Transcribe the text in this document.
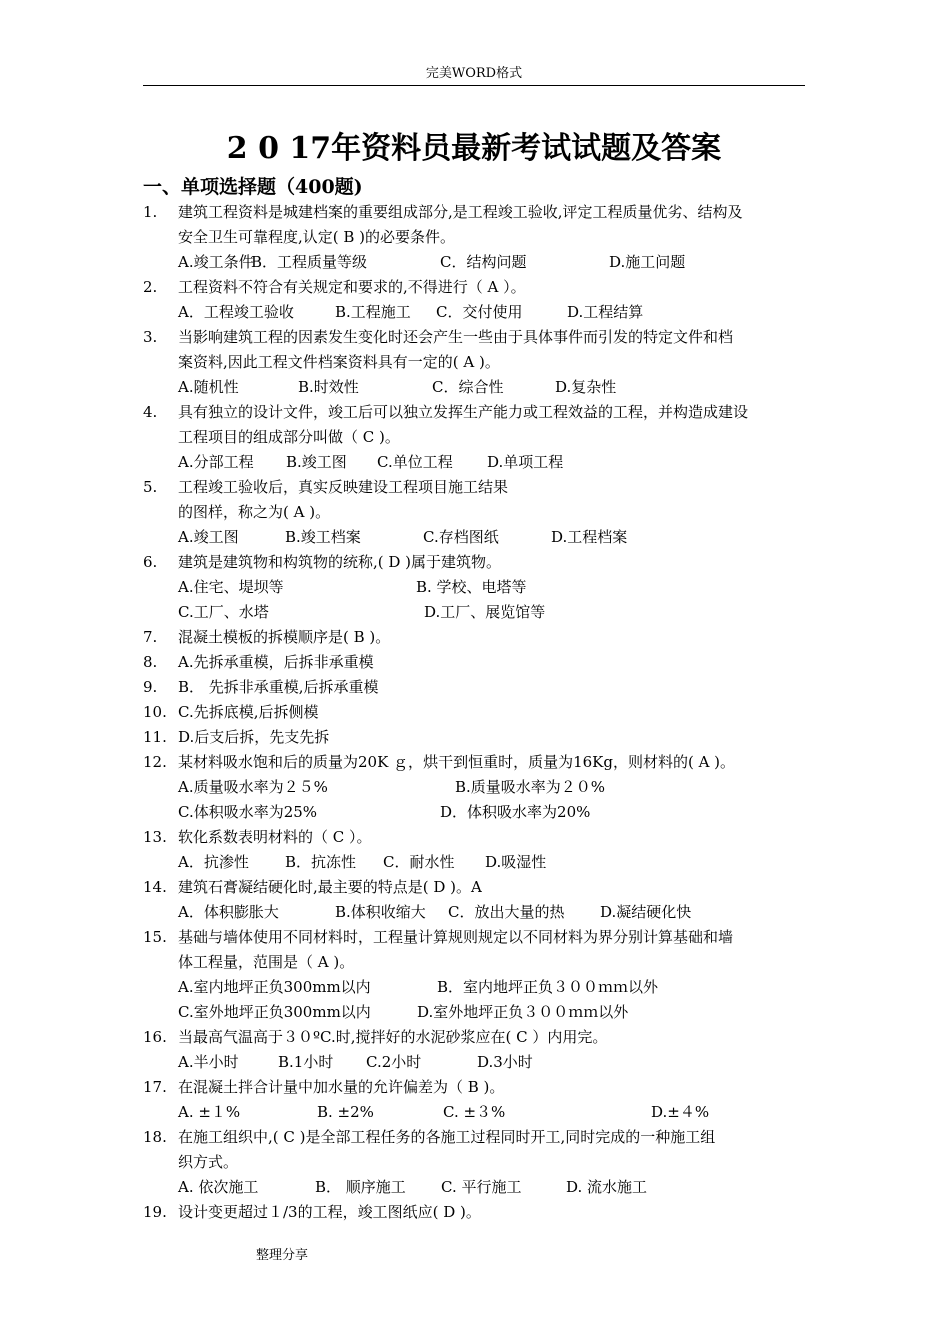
完美WORD格式
2 0 17年资料员最新考试试题及答案
一、单项选择题（400题)
1.	建筑工程资料是城建档案的重要组成部分,是工程竣工验收,评定工程质量优劣、结构及
安全卫生可靠程度,认定( B )的必要条件。
A.竣工条件
B．工程质量等级	C．结构问题	D.施工问题
2.	工程资料不符合有关规定和要求的,不得进行（ A ）。
A．工程竣工验收	B.工程施工 C．交付使用	D.工程结算
3.	当影响建筑工程的因素发生变化时还会产生一些由于具体事件而引发的特定文件和档
案资料,因此工程文件档案资料具有一定的( A )。
A.随机性	B.时效性	C．综合性	D.复杂性
4.	具有独立的设计文件，竣工后可以独立发挥生产能力或工程效益的工程，并构造成建设
工程项目的组成部分叫做（ C )。
A.分部工程 B.竣工图 C.单位工程 D.单项工程
5.	工程竣工验收后，真实反映建设工程项目施工结果
的图样，称之为( A )。
A.竣工图	B.竣工档案	C.存档图纸	D.工程档案
6.	建筑是建筑物和构筑物的统称,( D )属于建筑物。
A.住宅、堤坝等	B. 学校、电塔等
C.工厂、水塔	D.工厂、展览馆等
7.	混凝土模板的拆模顺序是( B )。
8.	A.先拆承重模，后拆非承重模
9.	B． 先拆非承重模,后拆承重模
10. C.先拆底模,后拆侧模
11. D.后支后拆，先支先拆
12. 某材料吸水饱和后的质量为20K ｇ，烘干到恒重时，质量为16Kg，则材料的( A )。
A.质量吸水率为２５%	B.质量吸水率为２０%
C.体积吸水率为25%	D．体积吸水率为20%
13. 软化系数表明材料的（ C ）。
A．抗渗性 B．抗冻性 C．耐水性 D.吸湿性
14. 建筑石膏凝结硬化时,最主要的特点是( D )。A
A．体积膨胀大	B.体积收缩大 C．放出大量的热 D.凝结硬化快
15. 基础与墙体使用不同材料时，工程量计算规则规定以不同材料为界分别计算基础和墙
体工程量，范围是（ A )。
A.室内地坪正负300mm以内	B．室内地坪正负３００ｍｍ以外
C.室外地坪正负300mm以内	D.室外地坪正负３００ｍｍ以外
16. 当最高气温高于３０ºC.时,搅拌好的水泥砂浆应在( C ）内用完。
A.半小时	B.1小时 C.2小时	D.3小时
17. 在混凝土拌合计量中加水量的允许偏差为（ B )。
A. ±１%	B. ±2%	C. ±３%	D.±４%
18. 在施工组织中,( C )是全部工程任务的各施工过程同时开工,同时完成的一种施工组
织方式。
A. 依次施工	B． 顺序施工 C. 平行施工	D. 流水施工
19. 设计变更超过１/3的工程，竣工图纸应( D )。
整理分享
